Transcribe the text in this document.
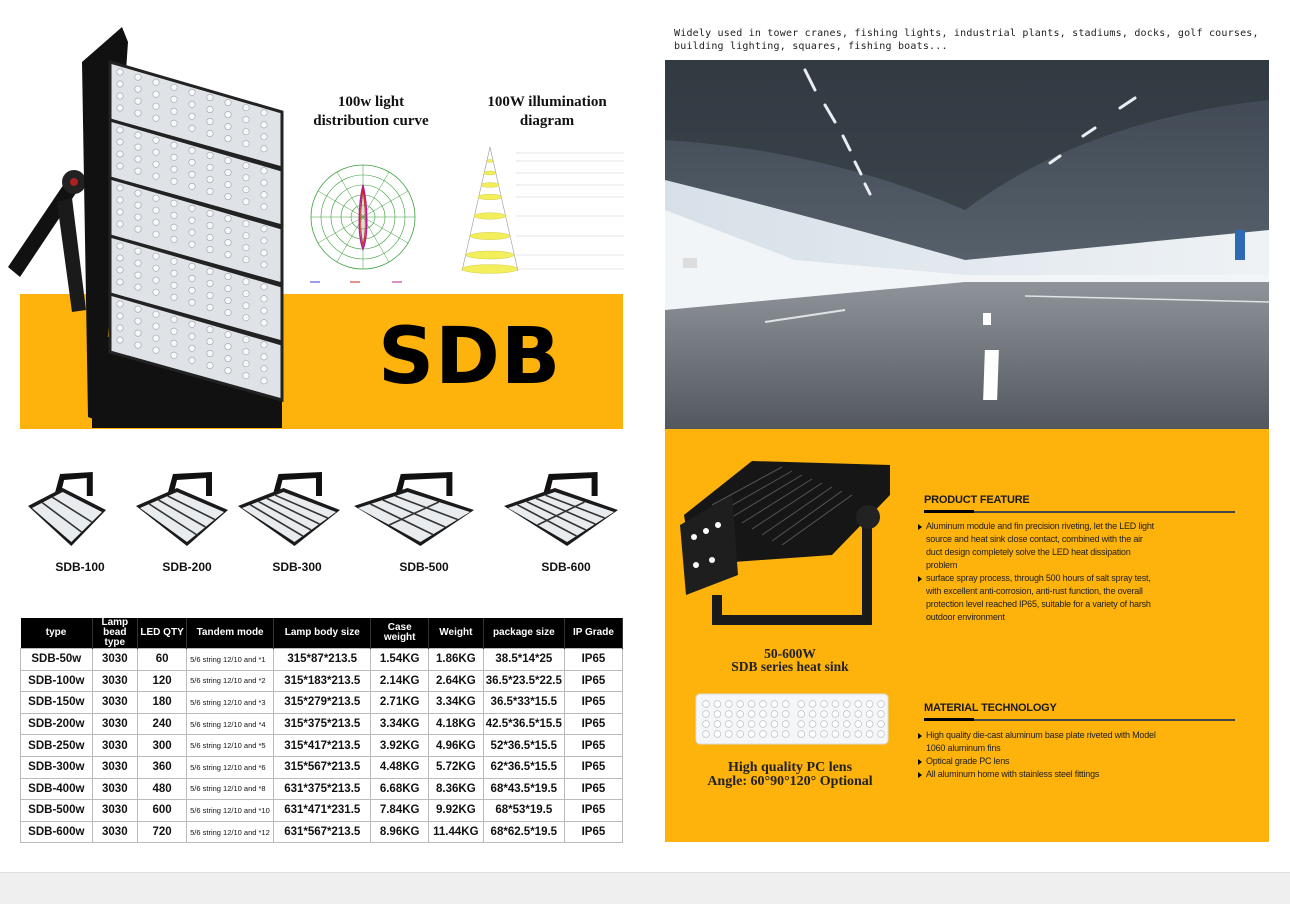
SDB
100w light
distribution curve
100W illumination
diagram
SDB-100	SDB-200	SDB-300	SDB-500	SDB-600
type	Lamp bead type	LED QTY	Tandem mode	Lamp body size	Case weight	Weight	package size	IP Grade
SDB-50w	3030	60	5/6 string 12/10 and *1	315*87*213.5	1.54KG	1.86KG	38.5*14*25	IP65
SDB-100w	3030	120	5/6 string 12/10 and *2	315*183*213.5	2.14KG	2.64KG	36.5*23.5*22.5	IP65
SDB-150w	3030	180	5/6 string 12/10 and *3	315*279*213.5	2.71KG	3.34KG	36.5*33*15.5	IP65
SDB-200w	3030	240	5/6 string 12/10 and *4	315*375*213.5	3.34KG	4.18KG	42.5*36.5*15.5	IP65
SDB-250w	3030	300	5/6 string 12/10 and *5	315*417*213.5	3.92KG	4.96KG	52*36.5*15.5	IP65
SDB-300w	3030	360	5/6 string 12/10 and *6	315*567*213.5	4.48KG	5.72KG	62*36.5*15.5	IP65
SDB-400w	3030	480	5/6 string 12/10 and *8	631*375*213.5	6.68KG	8.36KG	68*43.5*19.5	IP65
SDB-500w	3030	600	5/6 string 12/10 and *10	631*471*231.5	7.84KG	9.92KG	68*53*19.5	IP65
SDB-600w	3030	720	5/6 string 12/10 and *12	631*567*213.5	8.96KG	11.44KG	68*62.5*19.5	IP65
Widely used in tower cranes, fishing lights, industrial plants, stadiums, docks, golf courses,
building lighting, squares, fishing boats...
50-600W
SDB series heat sink
High quality PC lens
Angle: 60°90°120° Optional
PRODUCT FEATURE
Aluminum module and fin precision riveting, let the LED light source and heat sink close contact, combined with the air duct design completely solve the LED heat dissipation problem
surface spray process, through 500 hours of salt spray test, with excellent anti-corrosion, anti-rust function, the overall protection level reached IP65, suitable for a variety of harsh outdoor environment
MATERIAL TECHNOLOGY
High quality die-cast aluminum base plate riveted with Model 1060 aluminum fins
Optical grade PC lens
All aluminum home with stainless steel fittings
